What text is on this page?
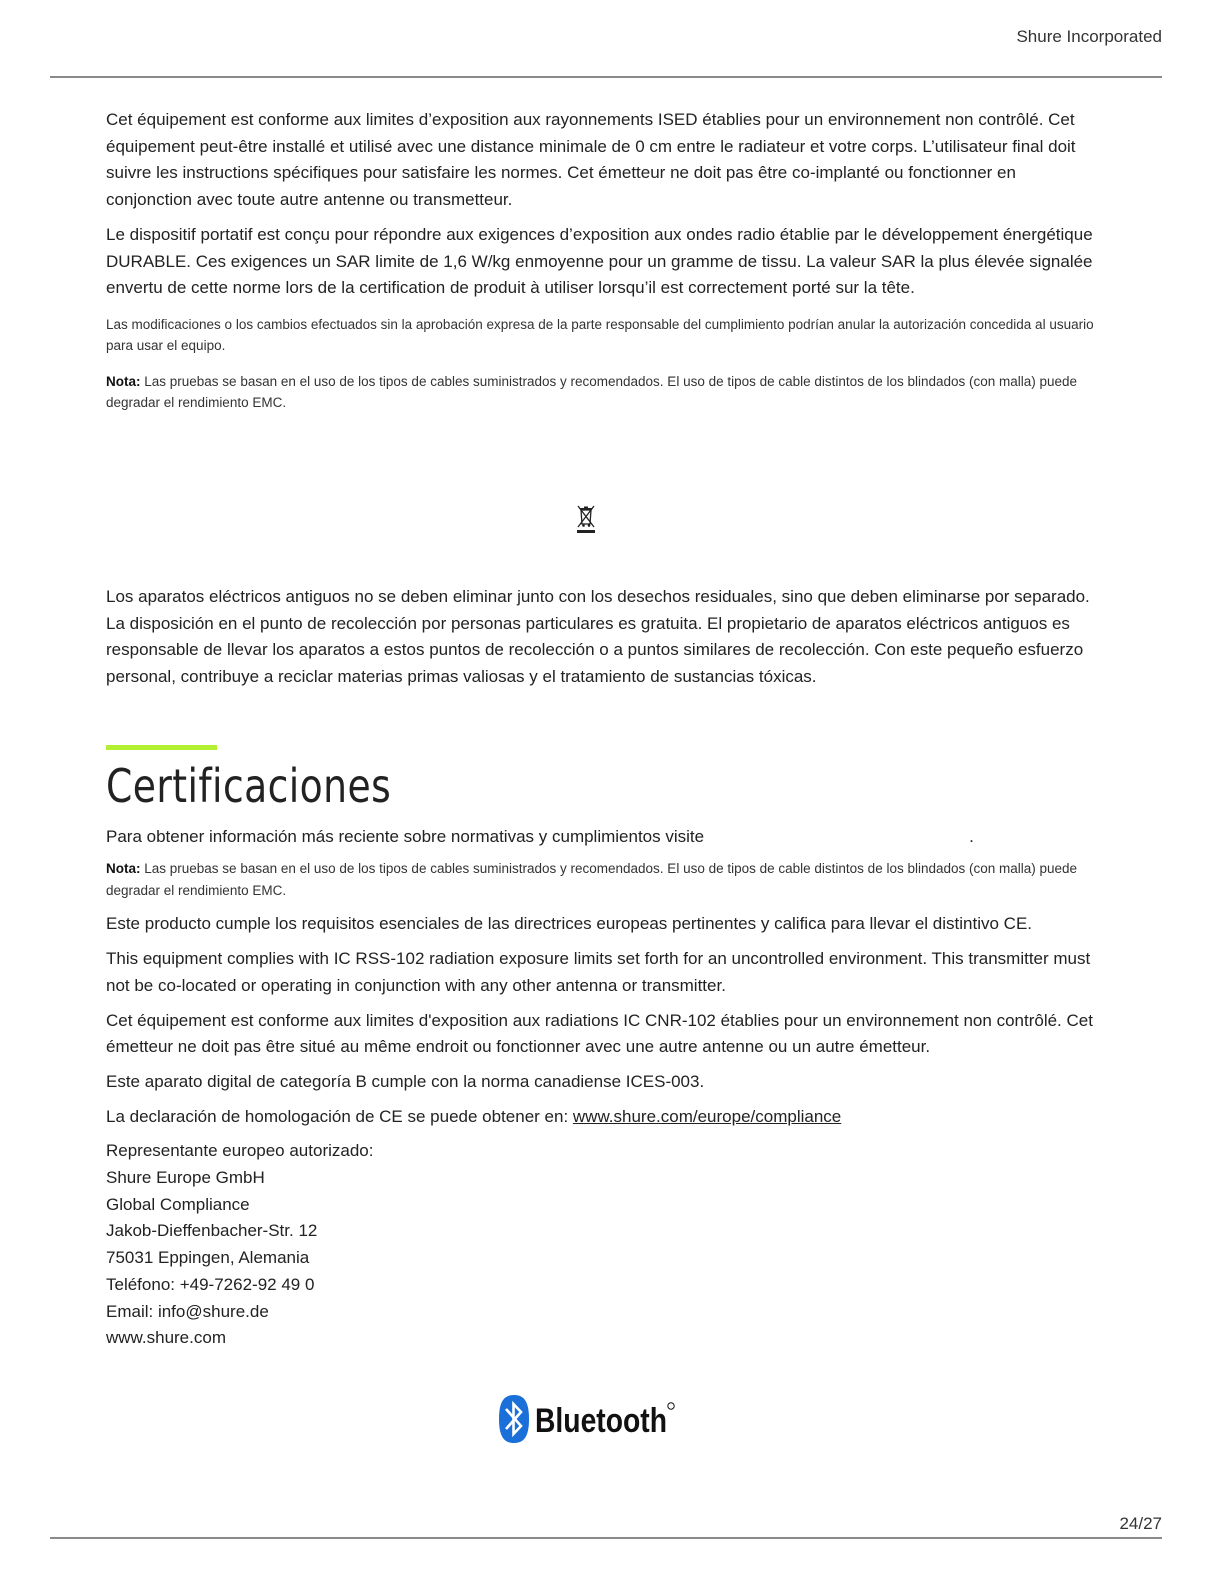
Shure Incorporated

Cet équipement est conforme aux limites d’exposition aux rayonnements ISED établies pour un environnement non contrôlé. Cet équipement peut-être installé et utilisé avec une distance minimale de 0 cm entre le radiateur et votre corps. L’utilisateur final doit suivre les instructions spécifiques pour satisfaire les normes. Cet émetteur ne doit pas être co-implanté ou fonctionner en conjonction avec toute autre antenne ou transmetteur.

Le dispositif portatif est conçu pour répondre aux exigences d’exposition aux ondes radio établie par le développement énergétique DURABLE. Ces exigences un SAR limite de 1,6 W/kg enmoyenne pour un gramme de tissu. La valeur SAR la plus élevée signalée envertu de cette norme lors de la certification de produit à utiliser lorsqu’il est correctement porté sur la tête.

Las modificaciones o los cambios efectuados sin la aprobación expresa de la parte responsable del cumplimiento podrían anular la autorización concedida al usuario para usar el equipo.

Nota: Las pruebas se basan en el uso de los tipos de cables suministrados y recomendados. El uso de tipos de cable distintos de los blindados (con malla) puede degradar el rendimiento EMC.

Los aparatos eléctricos antiguos no se deben eliminar junto con los desechos residuales, sino que deben eliminarse por separado. La disposición en el punto de recolección por personas particulares es gratuita. El propietario de aparatos eléctricos antiguos es responsable de llevar los aparatos a estos puntos de recolección o a puntos similares de recolección. Con este pequeño esfuerzo personal, contribuye a reciclar materias primas valiosas y el tratamiento de sustancias tóxicas.

Certificaciones

Para obtener información más reciente sobre normativas y cumplimientos visite	.

Nota: Las pruebas se basan en el uso de los tipos de cables suministrados y recomendados. El uso de tipos de cable distintos de los blindados (con malla) puede degradar el rendimiento EMC.

Este producto cumple los requisitos esenciales de las directrices europeas pertinentes y califica para llevar el distintivo CE.

This equipment complies with IC RSS-102 radiation exposure limits set forth for an uncontrolled environment. This transmitter must not be co-located or operating in conjunction with any other antenna or transmitter.

Cet équipement est conforme aux limites d'exposition aux radiations IC CNR-102 établies pour un environnement non contrôlé. Cet émetteur ne doit pas être situé au même endroit ou fonctionner avec une autre antenne ou un autre émetteur.

Este aparato digital de categoría B cumple con la norma canadiense ICES-003.

La declaración de homologación de CE se puede obtener en: www.shure.com/europe/compliance

Representante europeo autorizado:

Shure Europe GmbH

Global Compliance

Jakob-Dieffenbacher-Str. 12

75031 Eppingen, Alemania

Teléfono: +49-7262-92 49 0

Email: info@shure.de

www.shure.com

Bluetooth
24/27
